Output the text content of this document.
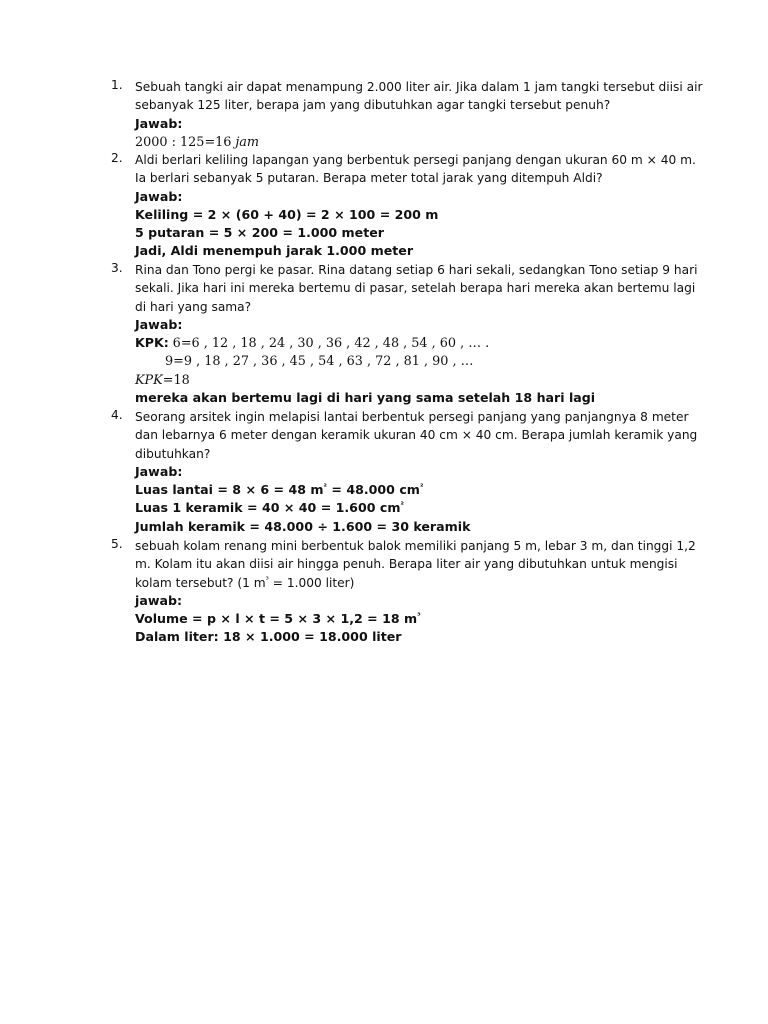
1. Sebuah tangki air dapat menampung 2.000 liter air. Jika dalam 1 jam tangki tersebut diisi air
sebanyak 125 liter, berapa jam yang dibutuhkan agar tangki tersebut penuh?
Jawab:
2000 : 125=16 jam
2. Aldi berlari keliling lapangan yang berbentuk persegi panjang dengan ukuran 60 m × 40 m.
Ia berlari sebanyak 5 putaran. Berapa meter total jarak yang ditempuh Aldi?
Jawab:
Keliling = 2 × (60 + 40) = 2 × 100 = 200 m
5 putaran = 5 × 200 = 1.000 meter
Jadi, Aldi menempuh jarak 1.000 meter
3. Rina dan Tono pergi ke pasar. Rina datang setiap 6 hari sekali, sedangkan Tono setiap 9 hari
sekali. Jika hari ini mereka bertemu di pasar, setelah berapa hari mereka akan bertemu lagi
di hari yang sama?
Jawab:
KPK: 6=6 , 12 , 18 , 24 , 30 , 36 , 42 , 48 , 54 , 60 , … .
9=9 , 18 , 27 , 36 , 45 , 54 , 63 , 72 , 81 , 90 , …
KPK=18
mereka akan bertemu lagi di hari yang sama setelah 18 hari lagi
4. Seorang arsitek ingin melapisi lantai berbentuk persegi panjang yang panjangnya 8 meter
dan lebarnya 6 meter dengan keramik ukuran 40 cm × 40 cm. Berapa jumlah keramik yang
dibutuhkan?
Jawab:
Luas lantai = 8 × 6 = 48 $m^{^2} = 48.000$ $cm^{^2}$
Luas 1 keramik = 40 × 40 = 1.600 $cm^{^2}$
Jumlah keramik = 48.000 ÷ 1.600 = 30 keramik
5. sebuah kolam renang mini berbentuk balok memiliki panjang 5 m, lebar 3 m, dan tinggi 1,2
m. Kolam itu akan diisi air hingga penuh. Berapa liter air yang dibutuhkan untuk mengisi
kolam tersebut? (1 $m^{^3} = 1.000$ liter)
jawab:
Volume = p × l × t = 5 × 3 × 1,2 = 18 $m^{^3}$
Dalam liter: 18 × 1.000 = 18.000 liter
